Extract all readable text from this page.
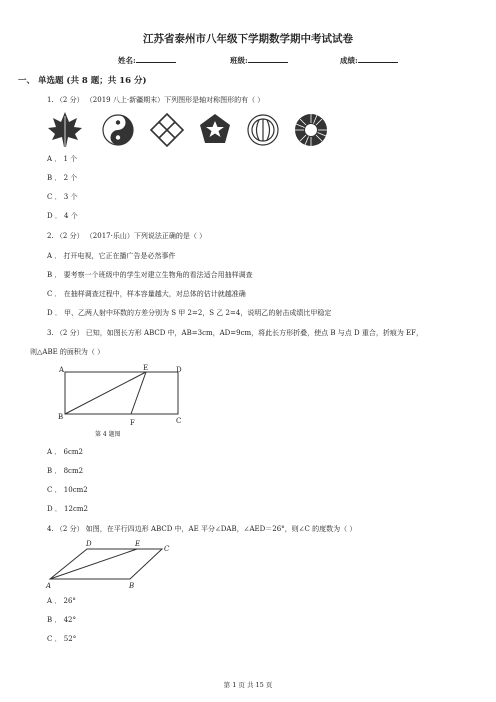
江苏省泰州市八年级下学期数学期中考试试卷
姓名:	班级:	成绩:
一、 单选题 (共 8 题；共 16 分)
1. （2 分） （2019 八上·新疆期末）下列图形是轴对称图形的有（ ）
A ． 1 个
B ． 2 个
C ． 3 个
D ． 4 个
2. （2 分） （2017·乐山）下列说法正确的是（ ）
A ． 打开电视，它正在播广告是必然事件
B ． 要考察一个班级中的学生对建立生物角的看法适合用抽样调查
C ． 在抽样调查过程中，样本容量越大，对总体的估计就越准确
D ． 甲、乙两人射中环数的方差分别为 S 甲 2=2，S 乙 2=4，说明乙的射击成绩比甲稳定
3. （2 分） 已知，如图长方形 ABCD 中，AB=3cm，AD=9cm，将此长方形折叠，使点 B 与点 D 重合，折痕为 EF，
则△ABE 的面积为（ ）
A	E	D
B
F	C
第 4 题图
A ． 6cm2
B ． 8cm2
C ． 10cm2
D ． 12cm2
4. （2 分） 如图，在平行四边形 ABCD 中，AE 平分∠DAB，∠AED＝26°，则∠C 的度数为（ ）
A	B
C
D	E
A ． 26°
B ． 42°
C ． 52°
第 1 页 共 15 页
